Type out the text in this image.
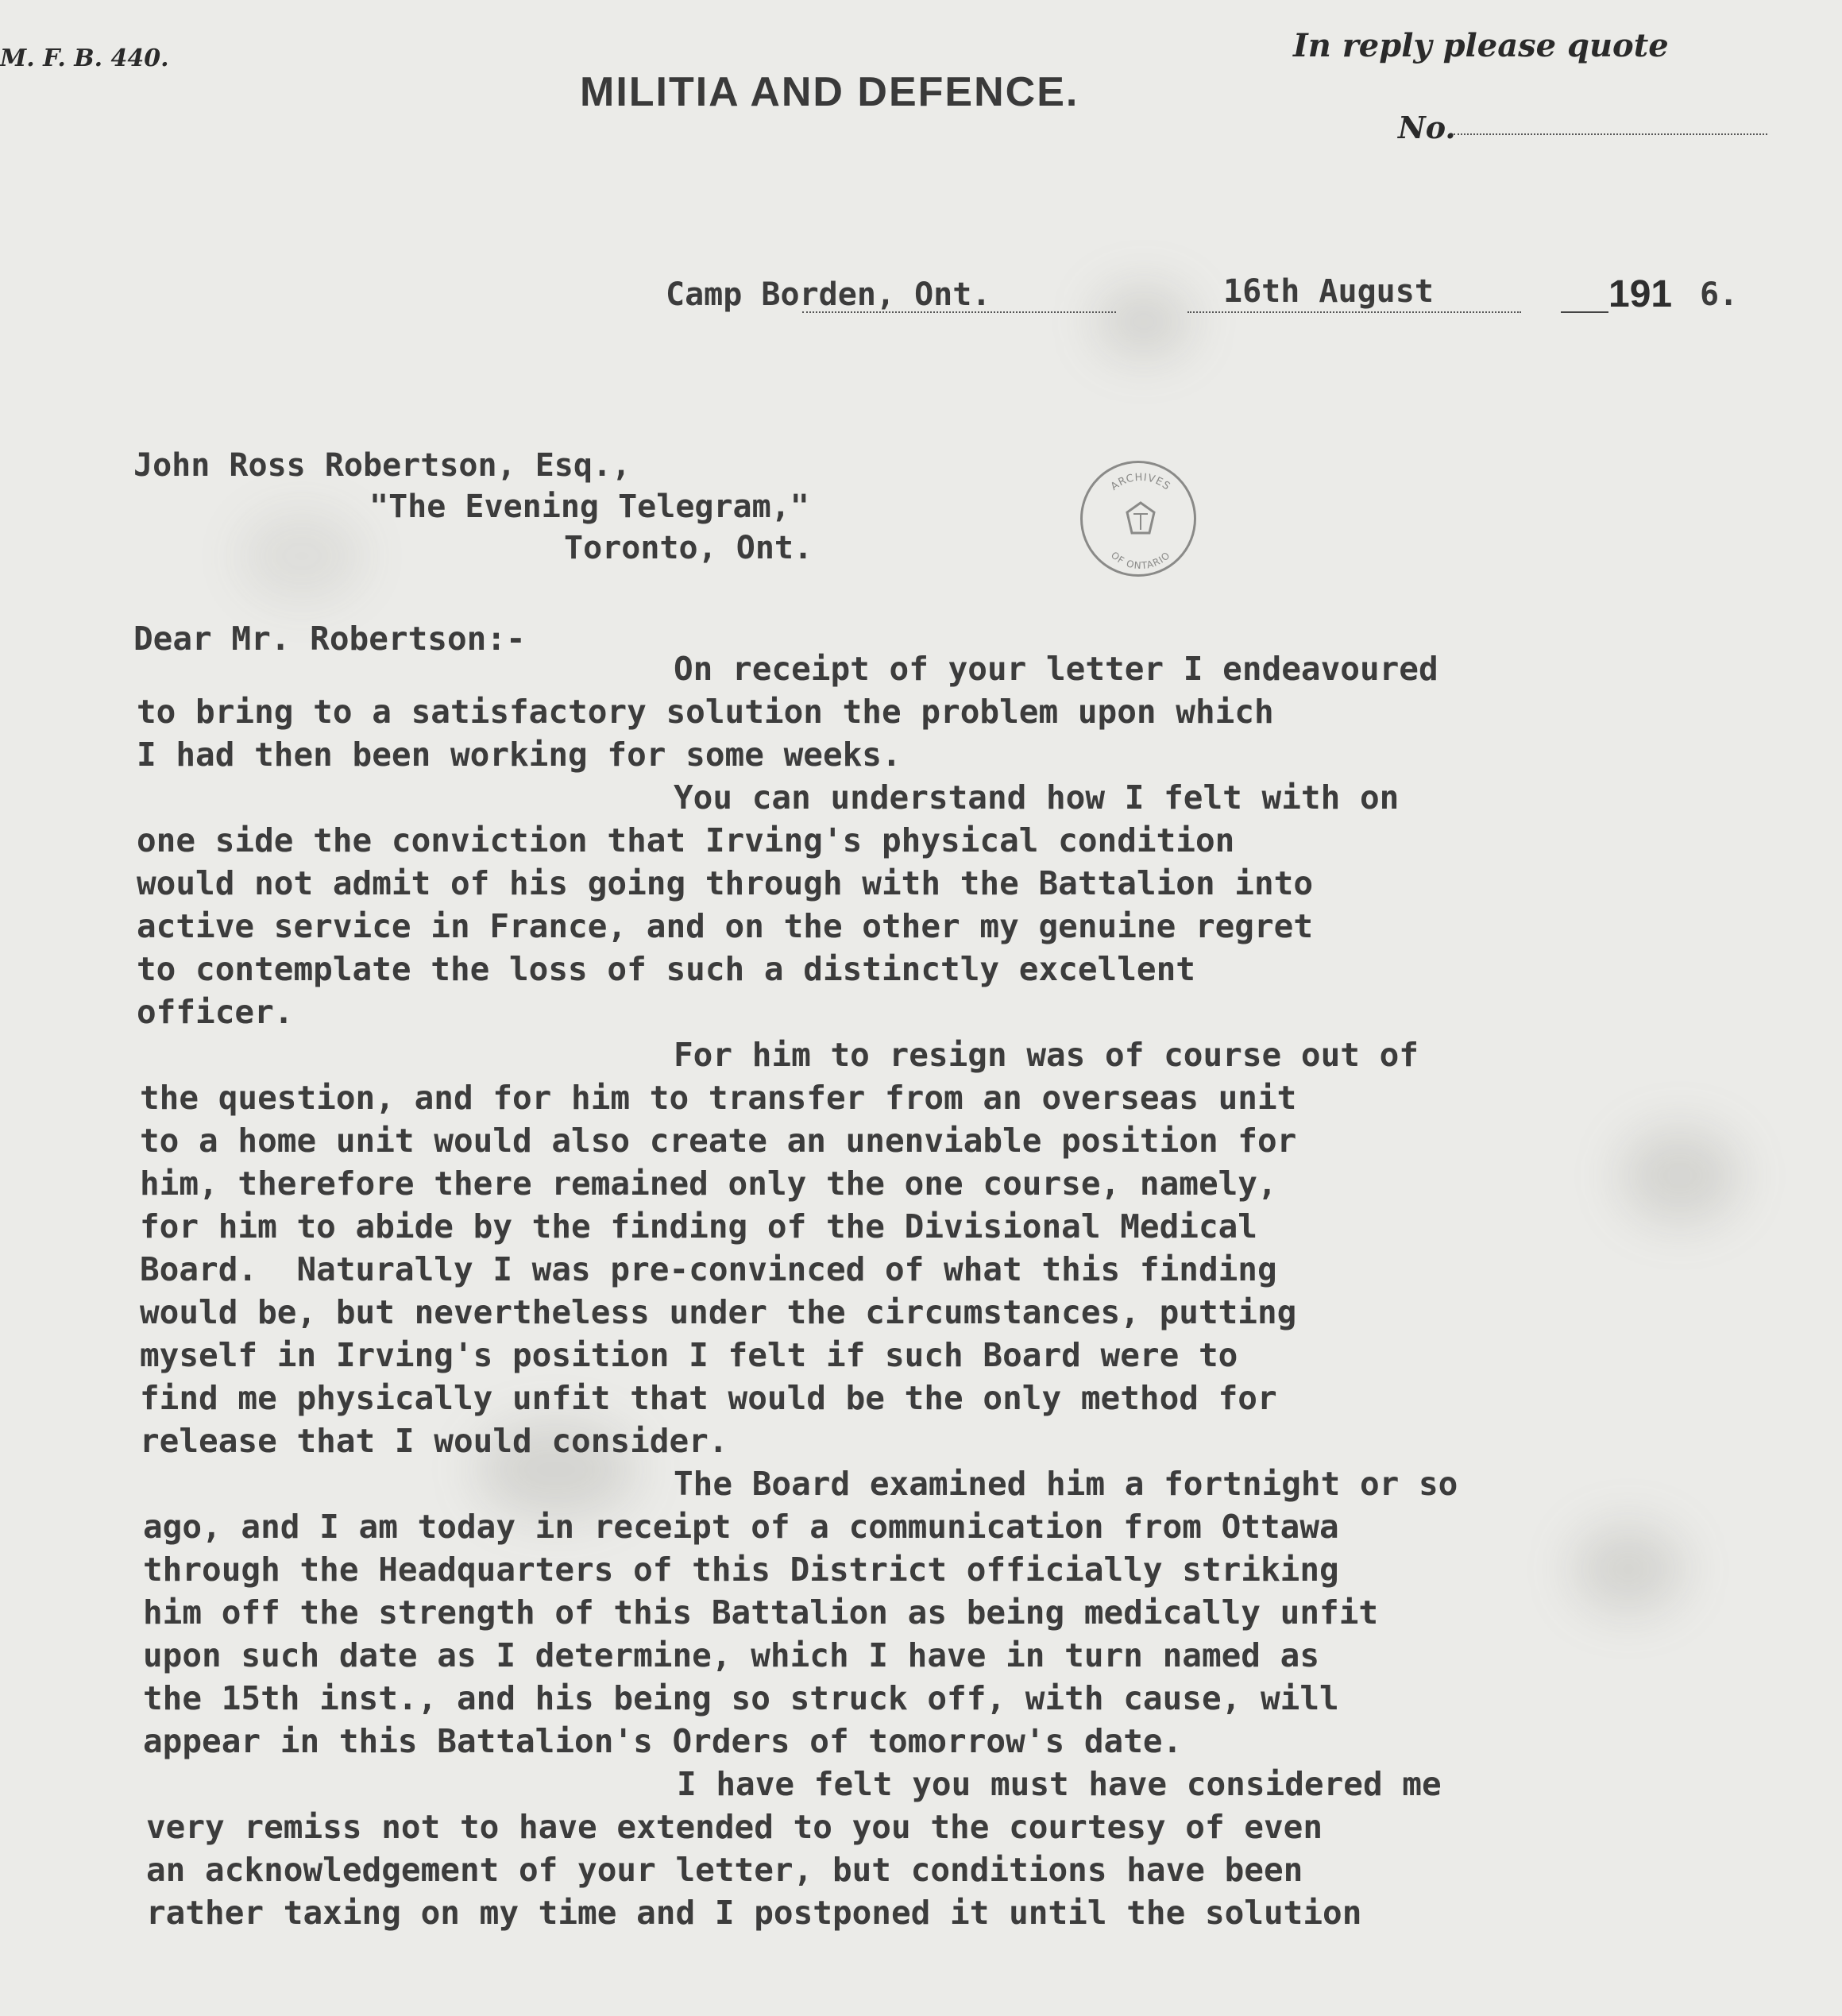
M. F. B. 440.
MILITIA AND DEFENCE.
In reply please quote
No.
Camp Borden, Ont.	16th August	191 6.
John Ross Robertson, Esq.,
"The Evening Telegram,"
Toronto, Ont.
ARCHIVES
OF ONTARIO
Dear Mr. Robertson:-
On receipt of your letter I endeavoured
to bring to a satisfactory solution the problem upon which
I had then been working for some weeks.
You can understand how I felt with on
one side the conviction that Irving's physical condition
would not admit of his going through with the Battalion into
active service in France, and on the other my genuine regret
to contemplate the loss of such a distinctly excellent
officer.
For him to resign was of course out of
the question, and for him to transfer from an overseas unit
to a home unit would also create an unenviable position for
him, therefore there remained only the one course, namely,
for him to abide by the finding of the Divisional Medical
Board.  Naturally I was pre-convinced of what this finding
would be, but nevertheless under the circumstances, putting
myself in Irving's position I felt if such Board were to
find me physically unfit that would be the only method for
release that I would consider.
The Board examined him a fortnight or so
ago, and I am today in receipt of a communication from Ottawa
through the Headquarters of this District officially striking
him off the strength of this Battalion as being medically unfit
upon such date as I determine, which I have in turn named as
the 15th inst., and his being so struck off, with cause, will
appear in this Battalion's Orders of tomorrow's date.
I have felt you must have considered me
very remiss not to have extended to you the courtesy of even
an acknowledgement of your letter, but conditions have been
rather taxing on my time and I postponed it until the solution
